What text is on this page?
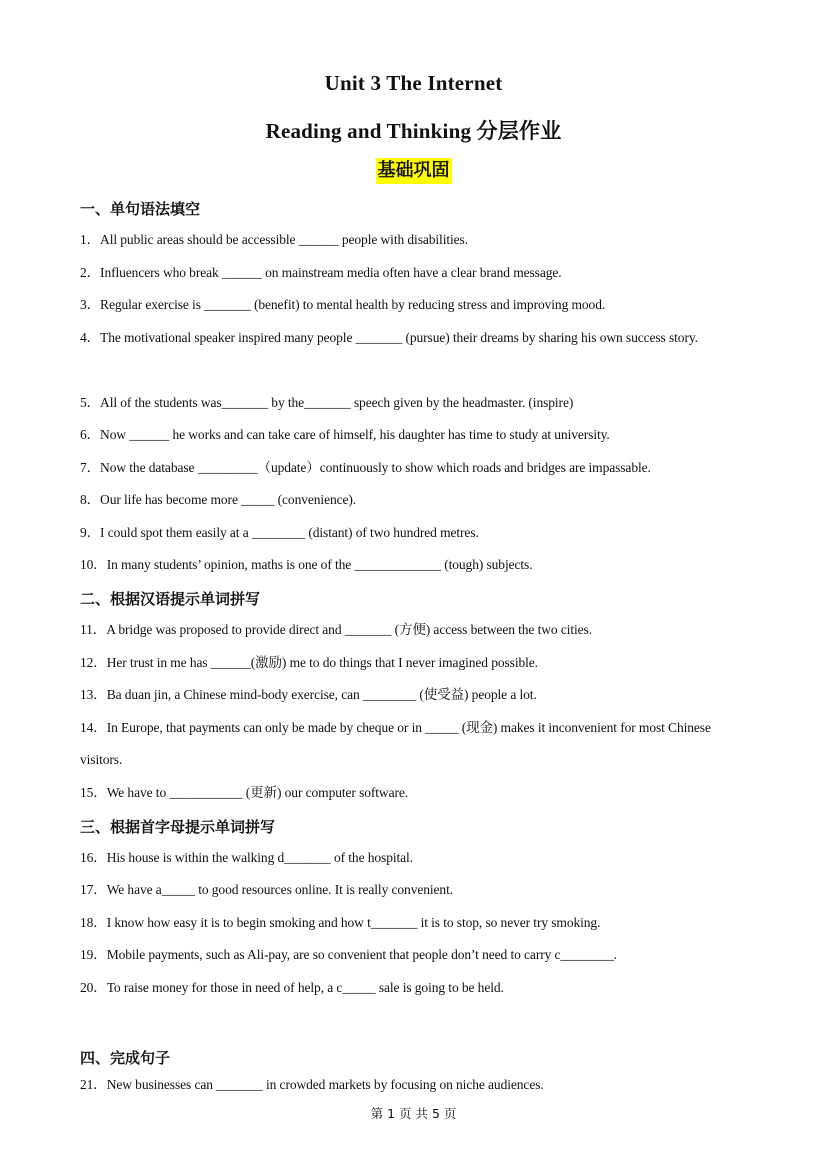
Unit 3 The Internet
Reading and Thinking 分层作业
基础巩固
一、单句语法填空
1．All public areas should be accessible ______ people with disabilities.
2．Influencers who break ______ on mainstream media often have a clear brand message.
3．Regular exercise is _______ (benefit) to mental health by reducing stress and improving mood.
4．The motivational speaker inspired many people _______ (pursue) their dreams by sharing his own success story.
5．All of the students was_______ by the_______ speech given by the headmaster. (inspire)
6．Now ______ he works and can take care of himself, his daughter has time to study at university.
7．Now the database _________（update）continuously to show which roads and bridges are impassable.
8．Our life has become more _____ (convenience).
9．I could spot them easily at a ________ (distant) of two hundred metres.
10．In many students’ opinion, maths is one of the _____________ (tough) subjects.
二、根据汉语提示单词拼写
11．A bridge was proposed to provide direct and _______ (方便) access between the two cities.
12．Her trust in me has ______(激励) me to do things that I never imagined possible.
13．Ba duan jin, a Chinese mind-body exercise, can ________ (使受益) people a lot.
14．In Europe, that payments can only be made by cheque or in _____ (现金) makes it inconvenient for most Chinese visitors.
15．We have to ___________ (更新) our computer software.
三、根据首字母提示单词拼写
16．His house is within the walking d_______ of the hospital.
17．We have a_____ to good resources online. It is really convenient.
18．I know how easy it is to begin smoking and how t_______ it is to stop, so never try smoking.
19．Mobile payments, such as Ali-pay, are so convenient that people don’t need to carry c________.
20．To raise money for those in need of help, a c_____ sale is going to be held.
四、完成句子
21．New businesses can _______ in crowded markets by focusing on niche audiences.
第 1 页 共 5 页
